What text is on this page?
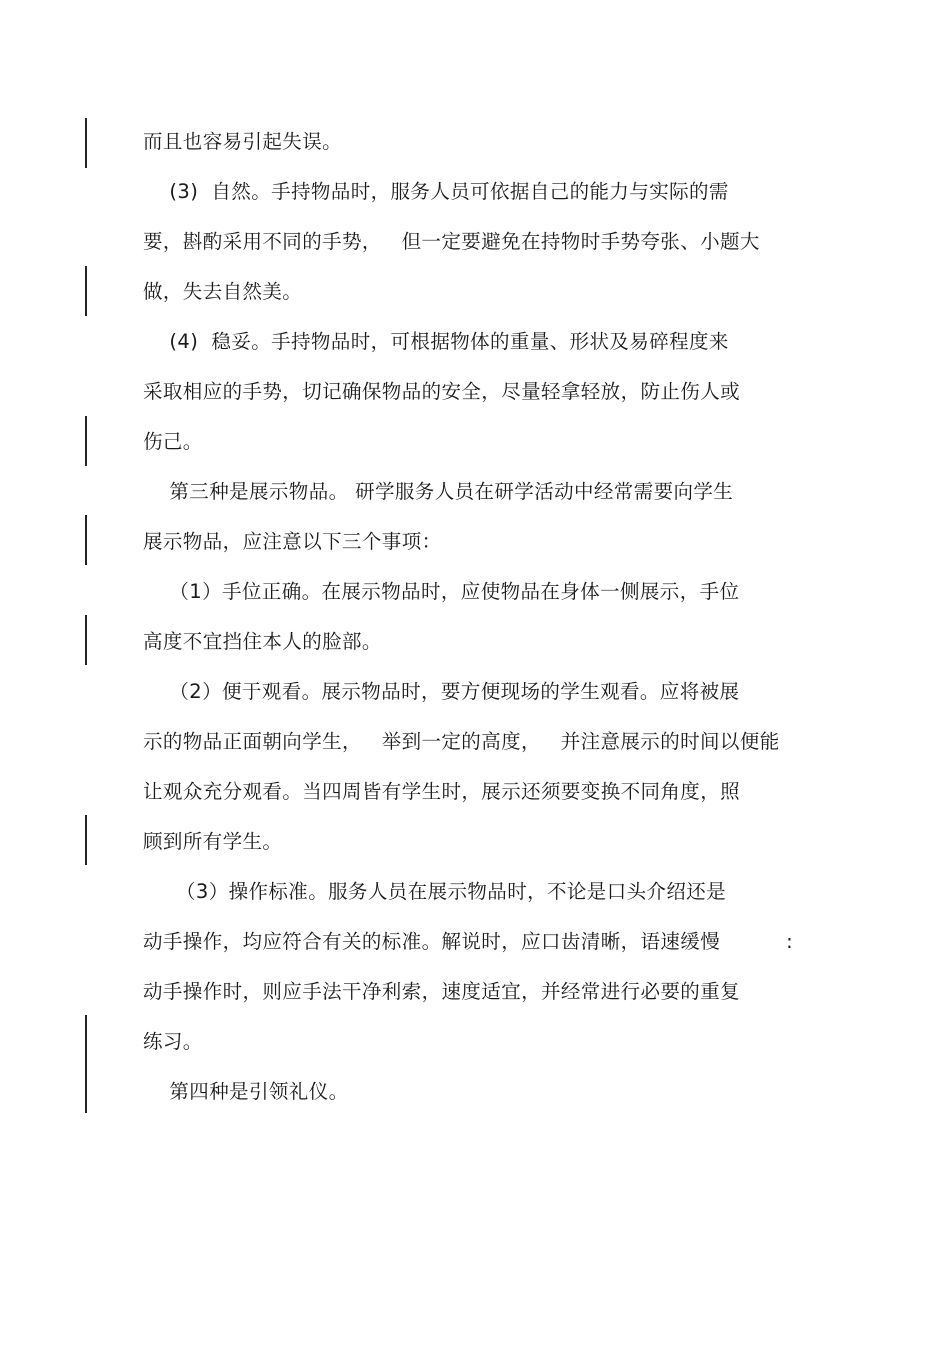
而且也容易引起失误。
(3)  自然。手持物品时，服务人员可依据自己的能力与实际的需
要，斟酌采用不同的手势，   但一定要避免在持物时手势夸张、小题大
做，失去自然美。
(4)  稳妥。手持物品时，可根据物体的重量、形状及易碎程度来
采取相应的手势，切记确保物品的安全，尽量轻拿轻放，防止伤人或
伤己。
第三种是展示物品。 研学服务人员在研学活动中经常需要向学生
展示物品，应注意以下三个事项：
（1）手位正确。在展示物品时，应使物品在身体一侧展示，手位
高度不宜挡住本人的脸部。
（2）便于观看。展示物品时，要方便现场的学生观看。应将被展
示的物品正面朝向学生，   举到一定的高度，   并注意展示的时间以便能
让观众充分观看。当四周皆有学生时，展示还须要变换不同角度，照
顾到所有学生。
（3）操作标准。服务人员在展示物品时，不论是口头介绍还是
动手操作，均应符合有关的标准。解说时，应口齿清晰，语速缓慢          :
动手操作时，则应手法干净利索，速度适宜，并经常进行必要的重复
练习。
第四种是引领礼仪。
